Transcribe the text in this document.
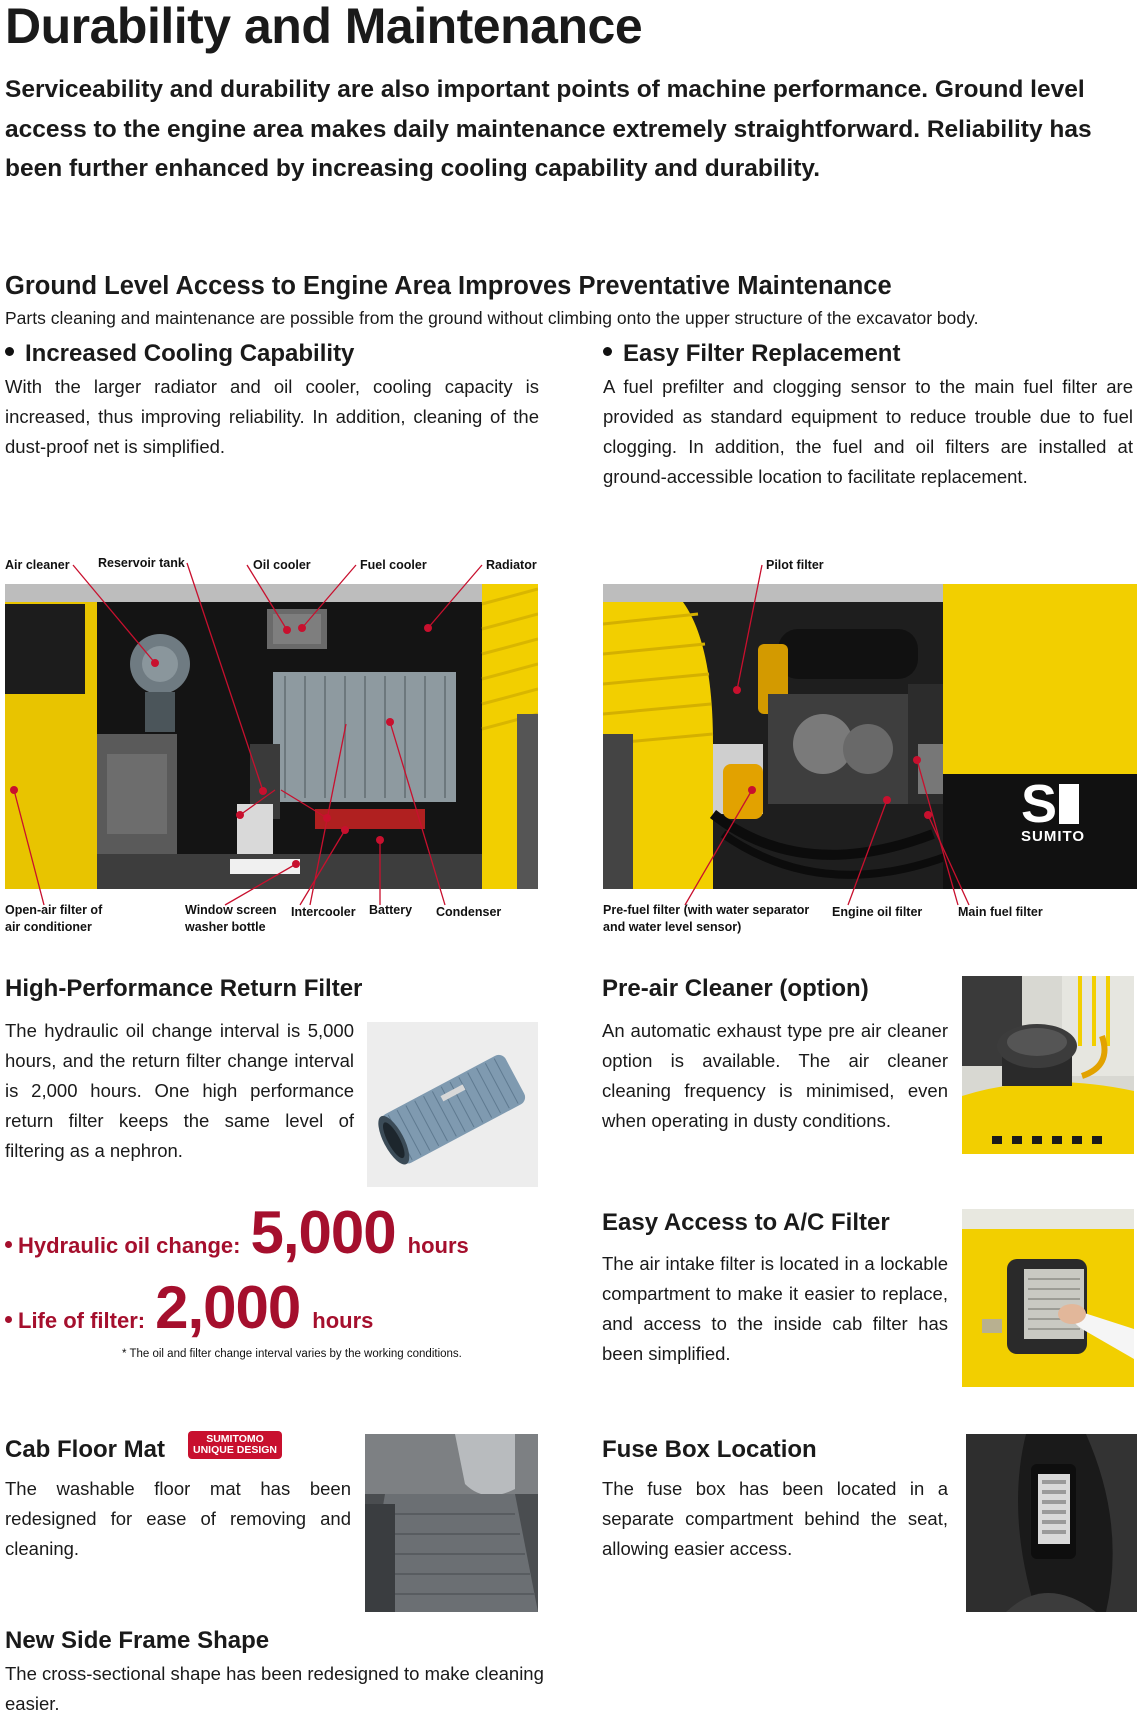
Durability and Maintenance
Serviceability and durability are also important points of machine performance. Ground level access to the engine area makes daily maintenance extremely straightforward. Reliability has been further enhanced by increasing cooling capability and durability.
Ground Level Access to Engine Area Improves Preventative Maintenance
Parts cleaning and maintenance are possible from the ground without climbing onto the upper structure of the excavator body.
Increased Cooling Capability
With the larger radiator and oil cooler, cooling capacity is increased, thus improving reliability. In addition, cleaning of the dust-proof net is simplified.
Easy Filter Replacement
A fuel prefilter and clogging sensor to the main fuel filter are provided as standard equipment to reduce trouble due to fuel clogging. In addition, the fuel and oil filters are installed at ground-accessible location to facilitate replacement.
Air cleaner Reservoir tank	Oil cooler	Fuel cooler	Radiator
Open-air filter of air conditioner
Window screen washer bottle
Intercooler Battery Condenser
Pilot filter
S
SUMITO
Pre-fuel filter (with water separator and water level sensor)
Engine oil filter	Main fuel filter
High-Performance Return Filter
The hydraulic oil change interval is 5,000 hours, and the return filter change interval is 2,000 hours. One high performance return filter keeps the same level of filtering as a nephron.
Hydraulic oil change: 5,000 hours
Life of filter: 2,000 hours
* The oil and filter change interval varies by the working conditions.
Pre-air Cleaner (option)
An automatic exhaust type pre air cleaner option is available. The air cleaner cleaning frequency is minimised, even when operating in dusty conditions.
Easy Access to A/C Filter
The air intake filter is located in a lockable compartment to make it easier to replace, and access to the inside cab filter has been simplified.
Cab Floor Mat	SUMITOMO
UNIQUE DESIGN
The washable floor mat has been redesigned for ease of removing and cleaning.
Fuse Box Location
The fuse box has been located in a separate compartment behind the seat, allowing easier access.
New Side Frame Shape
The cross-sectional shape has been redesigned to make cleaning easier.
